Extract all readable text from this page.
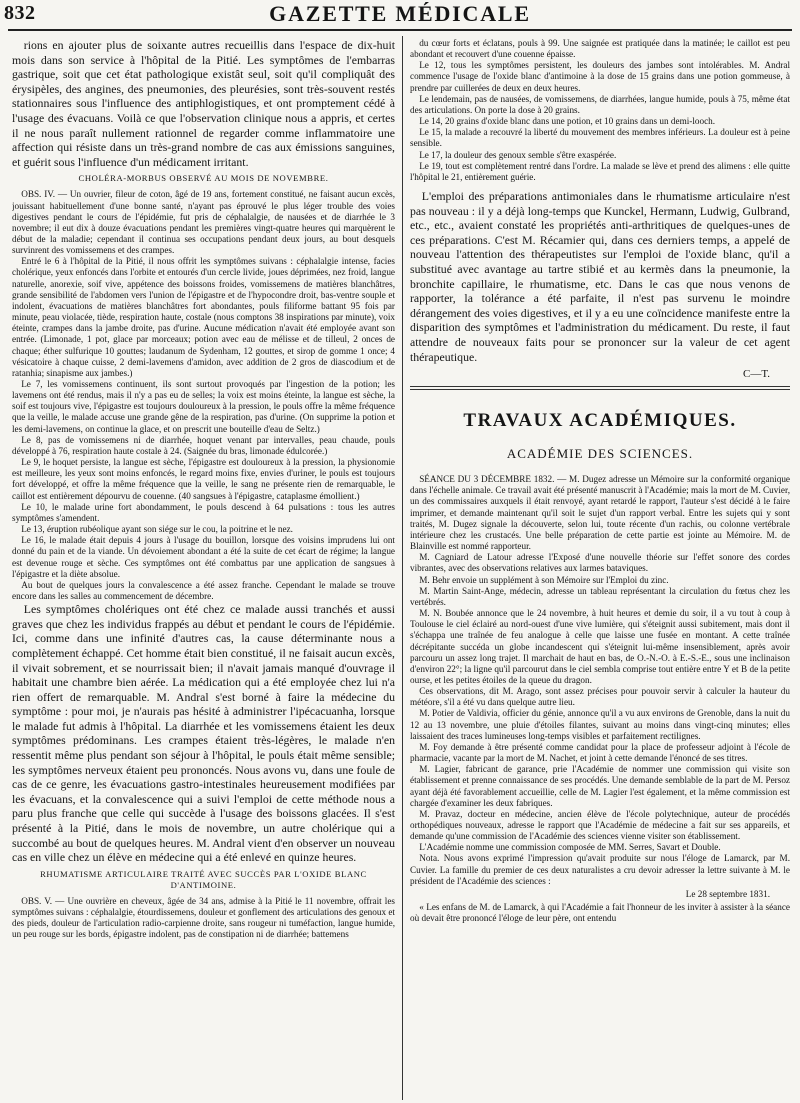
832	GAZETTE MÉDICALE

rions en ajouter plus de soixante autres recueillis dans l'espace de dix-huit mois dans son service à l'hôpital de la Pitié. Les symptômes de l'embarras gastrique, soit que cet état pathologique existât seul, soit qu'il compliquât des érysipèles, des angines, des pneumonies, des pleurésies, sont très-souvent restés stationnaires sous l'influence des antiphlogistiques, et ont promptement cédé à l'usage des évacuans. Voilà ce que l'observation clinique nous a appris, et certes il ne nous paraît nullement rationnel de regarder comme inflammatoire une affection qui résiste dans un très-grand nombre de cas aux émissions sanguines, et guérit sous l'influence d'un médicament irritant.

CHOLÉRA-MORBUS OBSERVÉ AU MOIS DE NOVEMBRE.

OBS. IV. — Un ouvrier, fileur de coton, âgé de 19 ans, fortement constitué, ne faisant aucun excès, jouissant habituellement d'une bonne santé, n'ayant pas éprouvé le plus léger trouble des voies digestives pendant le cours de l'épidémie, fut pris de céphalalgie, de nausées et de diarrhée le 3 novembre; il eut dix à douze évacuations pendant les premières vingt-quatre heures qui marquèrent le début de la maladie; cependant il continua ses occupations pendant deux jours, au bout desquels survinrent des vomissemens et des crampes.

Entré le 6 à l'hôpital de la Pitié, il nous offrit les symptômes suivans : céphalalgie intense, facies cholérique, yeux enfoncés dans l'orbite et entourés d'un cercle livide, joues déprimées, nez froid, langue naturelle, anorexie, soif vive, appétence des boissons froides, vomissemens de matières blanchâtres, grande sensibilité de l'abdomen vers l'union de l'épigastre et de l'hypocondre droit, bas-ventre souple et indolent, évacuations de matières blanchâtres fort abondantes, pouls filiforme battant 95 fois par minute, peau violacée, tiède, respiration haute, costale (nous comptons 38 inspirations par minute), voix éteinte, crampes dans la jambe droite, pas d'urine. Aucune médication n'avait été employée avant son entrée. (Limonade, 1 pot, glace par morceaux; potion avec eau de mélisse et de tilleul, 2 onces de chaque; éther sulfurique 10 gouttes; laudanum de Sydenham, 12 gouttes, et sirop de gomme 1 once; 4 vésicatoire à chaque cuisse, 2 demi-lavemens d'amidon, avec addition de 2 gros de diascodium et de ratanhia; sinapisme aux jambes.)

Le 7, les vomissemens continuent, ils sont surtout provoqués par l'ingestion de la potion; les lavemens ont été rendus, mais il n'y a pas eu de selles; la voix est moins éteinte, la langue est sèche, la soif est toujours vive, l'épigastre est toujours douloureux à la pression, le pouls offre la même fréquence que la veille, le malade accuse une grande gêne de la respiration, pas d'urine. (On supprime la potion et les demi-lavemens, on continue la glace, et on prescrit une bouteille d'eau de Seltz.)

Le 8, pas de vomissemens ni de diarrhée, hoquet venant par intervalles, peau chaude, pouls développé à 76, respiration haute costale à 24. (Saignée du bras, limonade édulcorée.)

Le 9, le hoquet persiste, la langue est sèche, l'épigastre est douloureux à la pression, la physionomie est meilleure, les yeux sont moins enfoncés, le regard moins fixe, envies d'uriner, le pouls est toujours fort développé, et offre la même fréquence que la veille, le sang ne présente rien de remarquable, le caillot est entièrement dépourvu de couenne. (40 sangsues à l'épigastre, cataplasme émollient.)

Le 10, le malade urine fort abondamment, le pouls descend à 64 pulsations : tous les autres symptômes s'amendent.

Le 13, éruption rubéolique ayant son siége sur le cou, la poitrine et le nez.

Le 16, le malade était depuis 4 jours à l'usage du bouillon, lorsque des voisins imprudens lui ont donné du pain et de la viande. Un dévoiement abondant a été la suite de cet écart de régime; la langue est devenue rouge et sèche. Ces symptômes ont été combattus par une application de sangsues à l'épigastre et la diète absolue.

Au bout de quelques jours la convalescence a été assez franche. Cependant le malade se trouve encore dans les salles au commencement de décembre.

Les symptômes cholériques ont été chez ce malade aussi tranchés et aussi graves que chez les individus frappés au début et pendant le cours de l'épidémie. Ici, comme dans une infinité d'autres cas, la cause déterminante nous a complètement échappé. Cet homme était bien constitué, il ne faisait aucun excès, il vivait sobrement, et se nourrissait bien; il n'avait jamais manqué d'ouvrage il habitait une chambre bien aérée. La médication qui a été employée chez lui n'a rien offert de remarquable. M. Andral s'est borné à faire la médecine du symptôme : pour moi, je n'aurais pas hésité à administrer l'ipécacuanha, lorsque le malade fut admis à l'hôpital. La diarrhée et les vomissemens étaient les deux symptômes prédominans. Les crampes étaient très-légères, le malade n'en ressentit même plus pendant son séjour à l'hôpital, le pouls était même sensible; les symptômes nerveux étaient peu prononcés. Nous avons vu, dans une foule de cas de ce genre, les évacuations gastro-intestinales heureusement modifiées par les évacuans, et la convalescence qui a suivi l'emploi de cette méthode nous a paru plus franche que celle qui succède à l'usage des boissons glacées. Il s'est présenté à la Pitié, dans le mois de novembre, un autre cholérique qui a succombé au bout de quelques heures. M. Andral vient d'en observer un nouveau cas en ville chez un élève en médecine qui a été enlevé en quinze heures.

RHUMATISME ARTICULAIRE TRAITÉ AVEC SUCCÈS PAR L'OXIDE BLANC D'ANTIMOINE.

OBS. V. — Une ouvrière en cheveux, âgée de 34 ans, admise à la Pitié le 11 novembre, offrait les symptômes suivans : céphalalgie, étourdissemens, douleur et gonflement des articulations des genoux et des pieds, douleur de l'articulation radio-carpienne droite, sans rougeur ni tuméfaction, langue humide, un peu rouge sur les bords, épigastre indolent, pas de constipation ni de diarrhée; battemens

du cœur forts et éclatans, pouls à 99. Une saignée est pratiquée dans la matinée; le caillot est peu abondant et recouvert d'une couenne épaisse.

Le 12, tous les symptômes persistent, les douleurs des jambes sont intolérables. M. Andral commence l'usage de l'oxide blanc d'antimoine à la dose de 15 grains dans une potion gommeuse, à prendre par cuillerées de deux en deux heures.

Le lendemain, pas de nausées, de vomissemens, de diarrhées, langue humide, pouls à 75, même état des articulations. On porte la dose à 20 grains.

Le 14, 20 grains d'oxide blanc dans une potion, et 10 grains dans un demi-looch.

Le 15, la malade a recouvré la liberté du mouvement des membres inférieurs. La douleur est à peine sensible.

Le 17, la douleur des genoux semble s'être exaspérée.

Le 19, tout est complètement rentré dans l'ordre. La malade se lève et prend des alimens : elle quitte l'hôpital le 21, entièrement guérie.

L'emploi des préparations antimoniales dans le rhumatisme articulaire n'est pas nouveau : il y a déjà long-temps que Kunckel, Hermann, Ludwig, Gulbrand, etc., etc., avaient constaté les propriétés anti-arthritiques de quelques-unes de ces préparations. C'est M. Récamier qui, dans ces derniers temps, a appelé de nouveau l'attention des thérapeutistes sur l'emploi de l'oxide blanc, qu'il a substitué avec avantage au tartre stibié et au kermès dans la pneumonie, la bronchite capillaire, le rhumatisme, etc. Dans le cas que nous venons de rapporter, la tolérance a été parfaite, il n'est pas survenu le moindre dérangement des voies digestives, et il y a eu une coïncidence manifeste entre la disparition des symptômes et l'administration du médicament. Du reste, il faut attendre de nouveaux faits pour se prononcer sur la valeur de cet agent thérapeutique.

C—T.

TRAVAUX ACADÉMIQUES.

ACADÉMIE DES SCIENCES.

SÉANCE DU 3 DÉCEMBRE 1832. — M. Dugez adresse un Mémoire sur la conformité organique dans l'échelle animale. Ce travail avait été présenté manuscrit à l'Académie; mais la mort de M. Cuvier, un des commissaires auxquels il était renvoyé, ayant retardé le rapport, l'auteur s'est décidé à le faire imprimer, et demande maintenant qu'il soit le sujet d'un rapport verbal. Entre les sujets qui y sont traités, M. Dugez signale la découverte, selon lui, toute récente d'un rachis, ou colonne vertébrale intérieure chez les crustacés. Une belle préparation de cette partie est jointe au Mémoire. M. de Blainville est nommé rapporteur.

M. Cagniard de Latour adresse l'Exposé d'une nouvelle théorie sur l'effet sonore des cordes vibrantes, avec des observations relatives aux larmes bataviques.

M. Behr envoie un supplément à son Mémoire sur l'Emploi du zinc.

M. Martin Saint-Ange, médecin, adresse un tableau représentant la circulation du fœtus chez les vertébrés.

M. N. Boubée annonce que le 24 novembre, à huit heures et demie du soir, il a vu tout à coup à Toulouse le ciel éclairé au nord-ouest d'une vive lumière, qui s'éteignit aussi subitement, mais dont il s'échappa une traînée de feu analogue à celle que laisse une fusée en montant. A cette traînée décrépitante succéda un globe incandescent qui s'éteignit lui-même insensiblement, après avoir parcouru un assez long trajet. Il marchait de haut en bas, de O.-N.-O. à E.-S.-E., sous une inclinaison d'environ 22°; la ligne qu'il parcourut dans le ciel sembla comprise tout entière entre Y et B de la petite ourse, et les petites étoiles de la queue du dragon.

Ces observations, dit M. Arago, sont assez précises pour pouvoir servir à calculer la hauteur du météore, s'il a été vu dans quelque autre lieu.

M. Potier de Valdivia, officier du génie, annonce qu'il a vu aux environs de Grenoble, dans la nuit du 12 au 13 novembre, une pluie d'étoiles filantes, suivant au moins dans vingt-cinq minutes; elles laissaient des traces lumineuses long-temps visibles et parfaitement rectilignes.

M. Foy demande à être présenté comme candidat pour la place de professeur adjoint à l'école de pharmacie, vacante par la mort de M. Nachet, et joint à cette demande l'énoncé de ses titres.

M. Lagier, fabricant de garance, prie l'Académie de nommer une commission qui visite son établissement et prenne connaissance de ses procédés. Une demande semblable de la part de M. Persoz ayant déjà été favorablement accueillie, celle de M. Lagier l'est également, et la même commission est chargée d'examiner les deux fabriques.

M. Pravaz, docteur en médecine, ancien élève de l'école polytechnique, auteur de procédés orthopédiques nouveaux, adresse le rapport que l'Académie de médecine a fait sur ses appareils, et demande qu'une commission de l'Académie des sciences vienne visiter son établissement.

L'Académie nomme une commission composée de MM. Serres, Savart et Double.

Nota. Nous avons exprimé l'impression qu'avait produite sur nous l'éloge de Lamarck, par M. Cuvier. La famille du premier de ces deux naturalistes a cru devoir adresser la lettre suivante à M. le président de l'Académie des sciences :

Le 28 septembre 1831.

« Les enfans de M. de Lamarck, à qui l'Académie a fait l'honneur de les inviter à assister à la séance où devait être prononcé l'éloge de leur père, ont entendu
